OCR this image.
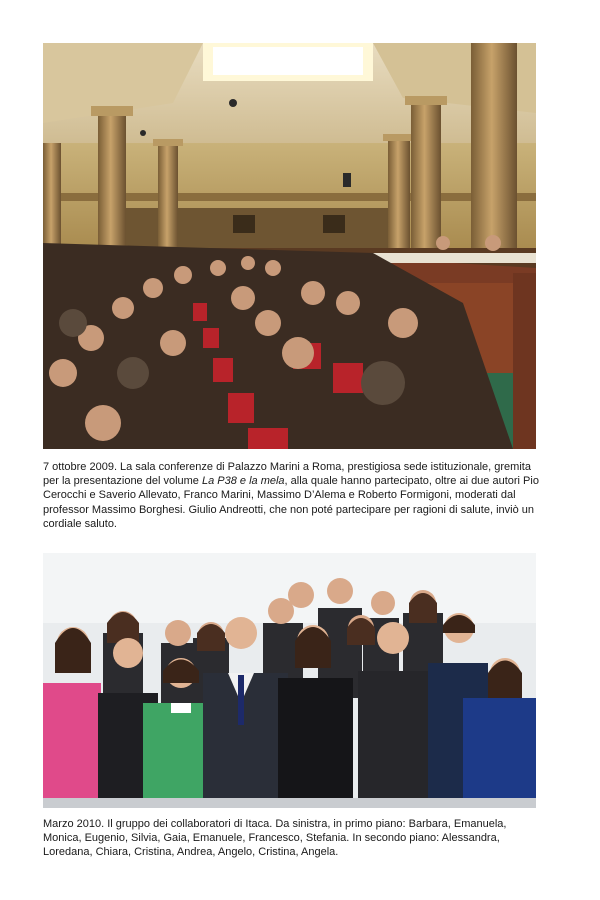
7 ottobre 2009. La sala conferenze di Palazzo Marini a Roma, prestigiosa sede istituzionale, gremita per la presentazione del volume La P38 e la mela, alla quale hanno partecipato, oltre ai due autori Pio Cerocchi e Saverio Allevato, Franco Marini, Massimo D’Alema e Roberto Formigoni, moderati dal professor Massimo Borghesi. Giulio Andreotti, che non poté partecipare per ragioni di salute, inviò un cordiale saluto.

Marzo 2010. Il gruppo dei collaboratori di Itaca. Da sinistra, in primo piano: Barbara, Emanuela, Monica, Eugenio, Silvia, Gaia, Emanuele, Francesco, Stefania. In secondo piano: Alessandra, Loredana, Chiara, Cristina, Andrea, Angelo, Cristina, Angela.
